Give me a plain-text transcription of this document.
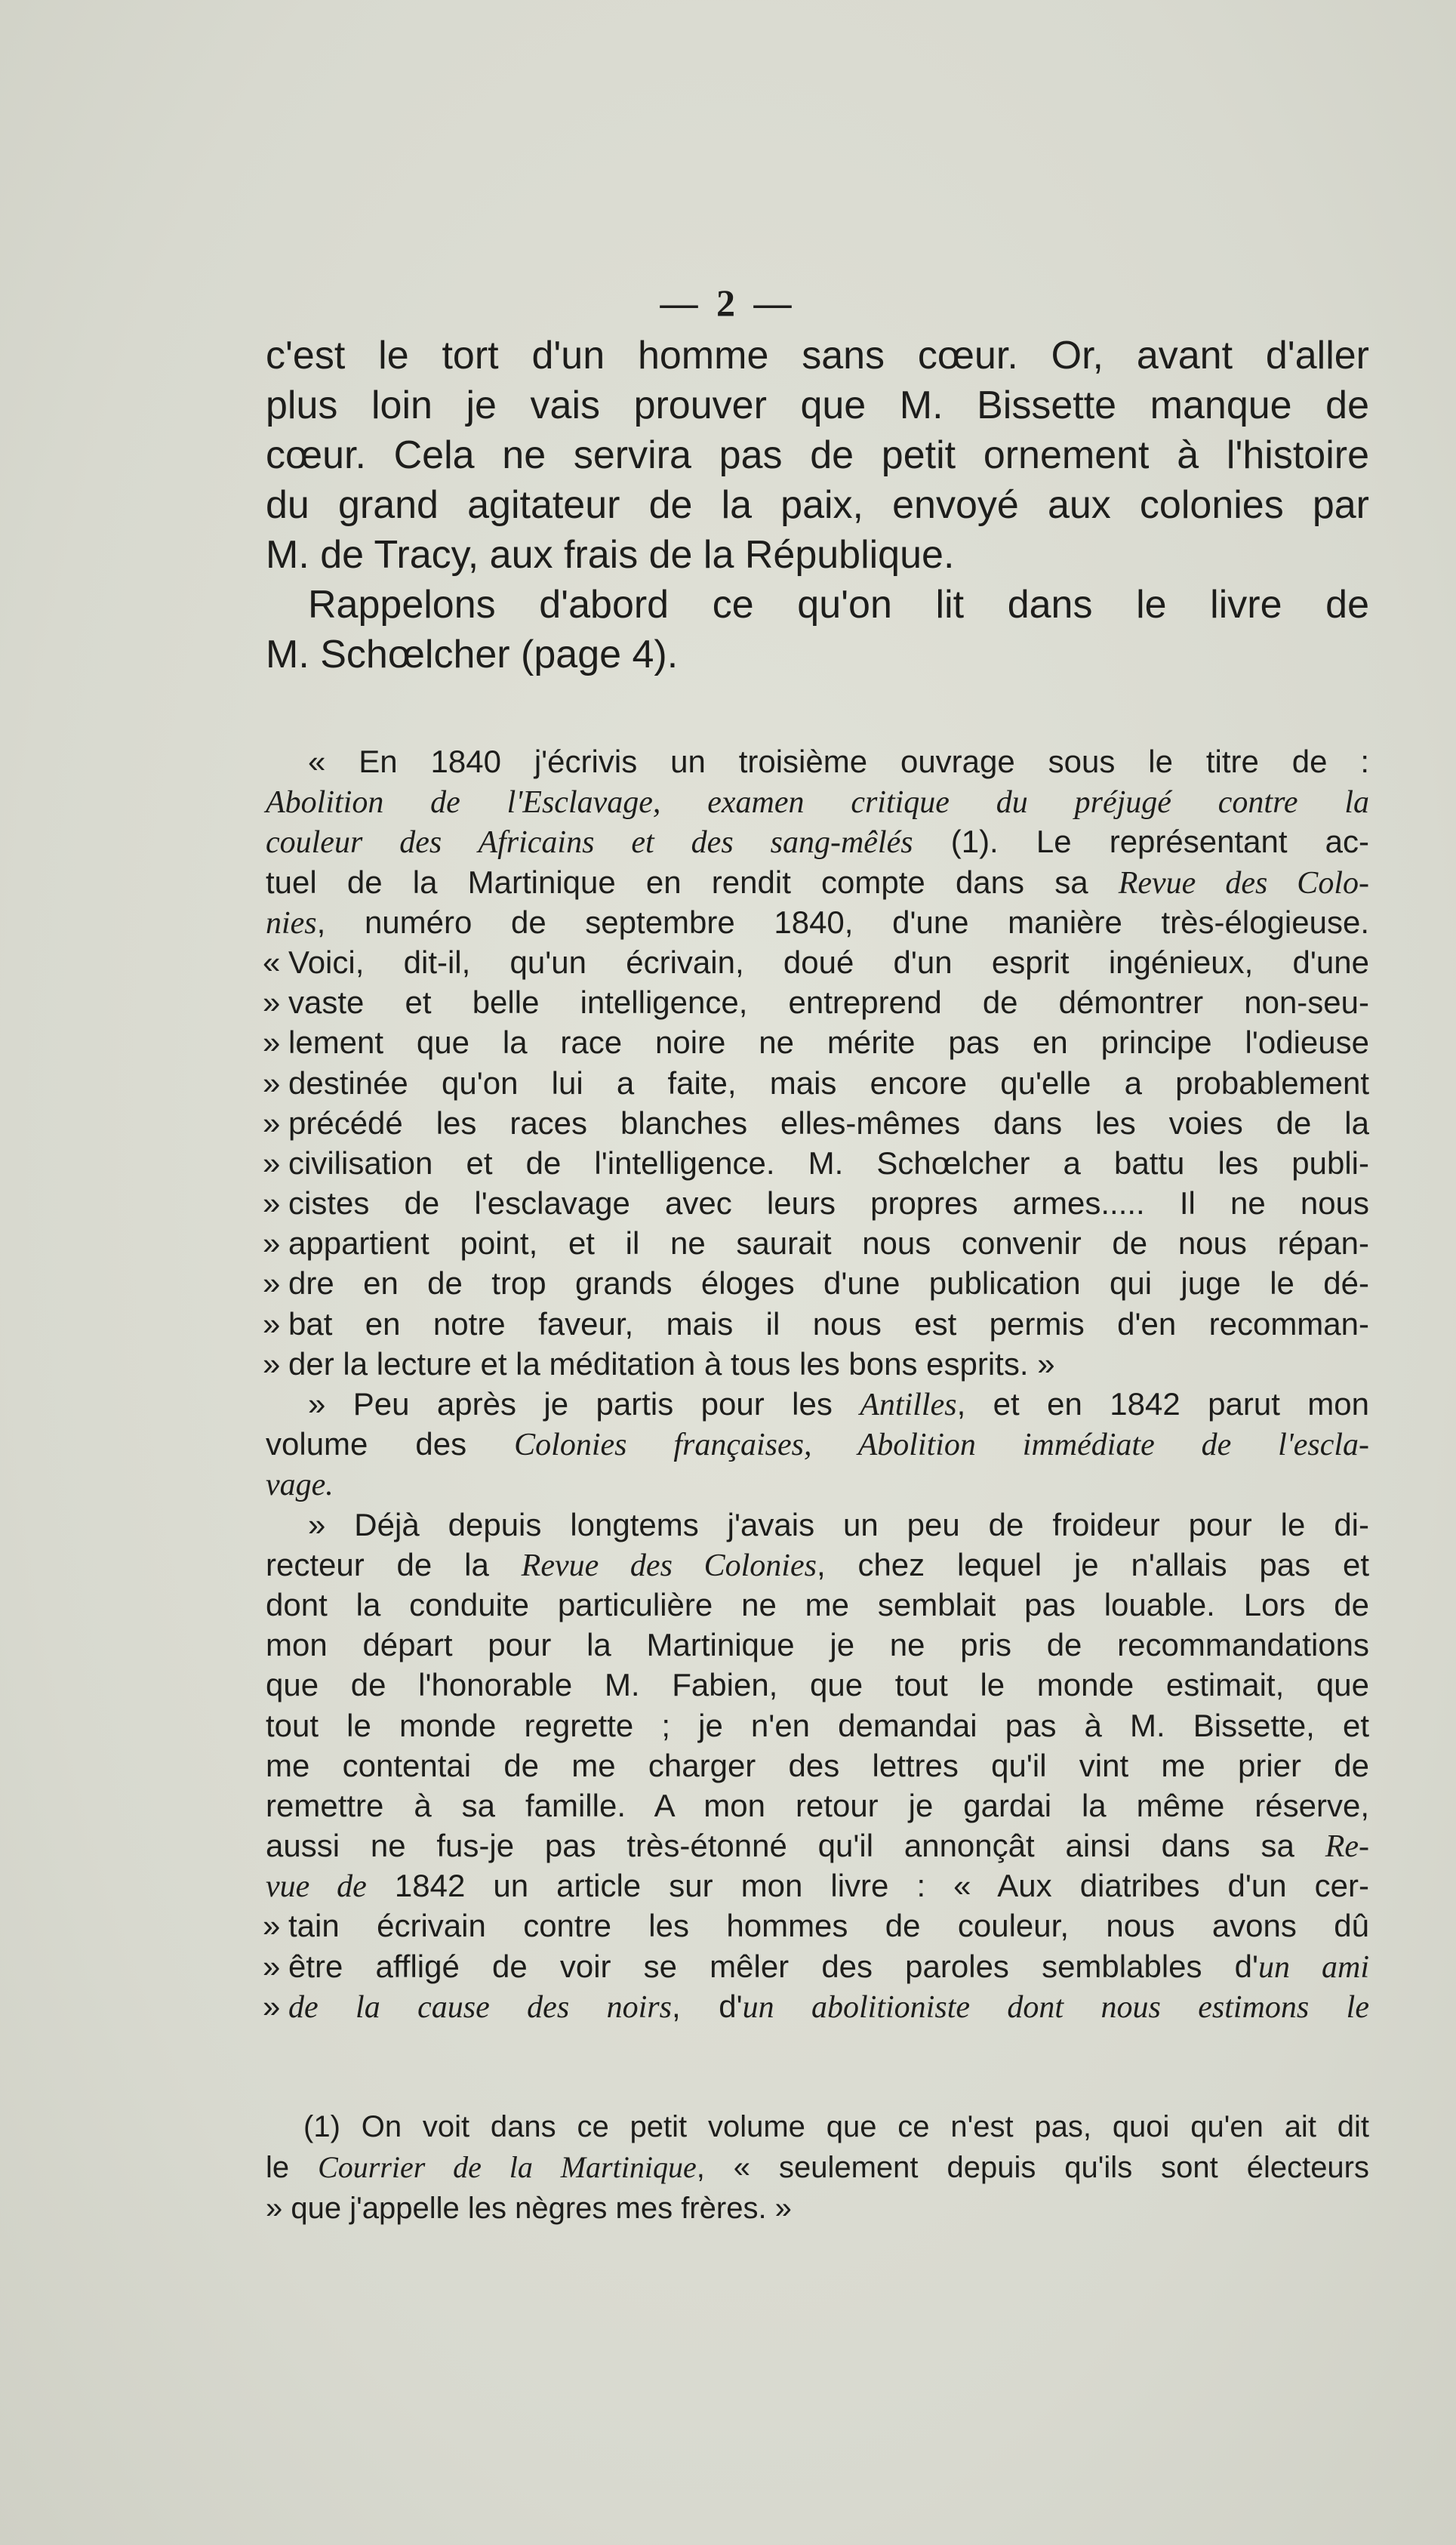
— 2 —
c'est le tort d'un homme sans cœur. Or, avant d'aller
plus loin je vais prouver que M. Bissette manque de
cœur. Cela ne servira pas de petit ornement à l'histoire
du grand agitateur de la paix, envoyé aux colonies par
M. de Tracy, aux frais de la République.
Rappelons d'abord ce qu'on lit dans le livre de
M. Schœlcher (page 4).
« En 1840 j'écrivis un troisième ouvrage sous le titre de :
Abolition de l'Esclavage, examen critique du préjugé contre la
couleur des Africains et des sang-mêlés (1). Le représentant ac-
tuel de la Martinique en rendit compte dans sa Revue des Colo-
nies, numéro de septembre 1840, d'une manière très-élogieuse.
« Voici, dit-il, qu'un écrivain, doué d'un esprit ingénieux, d'une
» vaste et belle intelligence, entreprend de démontrer non-seu-
» lement que la race noire ne mérite pas en principe l'odieuse
» destinée qu'on lui a faite, mais encore qu'elle a probablement
» précédé les races blanches elles-mêmes dans les voies de la
» civilisation et de l'intelligence. M. Schœlcher a battu les publi-
» cistes de l'esclavage avec leurs propres armes..... Il ne nous
» appartient point, et il ne saurait nous convenir de nous répan-
» dre en de trop grands éloges d'une publication qui juge le dé-
» bat en notre faveur, mais il nous est permis d'en recomman-
» der la lecture et la méditation à tous les bons esprits. »
» Peu après je partis pour les Antilles, et en 1842 parut mon
volume des Colonies françaises, Abolition immédiate de l'escla-
vage.
» Déjà depuis longtems j'avais un peu de froideur pour le di-
recteur de la Revue des Colonies, chez lequel je n'allais pas et
dont la conduite particulière ne me semblait pas louable. Lors de
mon départ pour la Martinique je ne pris de recommandations
que de l'honorable M. Fabien, que tout le monde estimait, que
tout le monde regrette ; je n'en demandai pas à M. Bissette, et
me contentai de me charger des lettres qu'il vint me prier de
remettre à sa famille. A mon retour je gardai la même réserve,
aussi ne fus-je pas très-étonné qu'il annonçât ainsi dans sa Re-
vue de 1842 un article sur mon livre : « Aux diatribes d'un cer-
» tain écrivain contre les hommes de couleur, nous avons dû
» être affligé de voir se mêler des paroles semblables d'un ami
» de la cause des noirs, d'un abolitioniste dont nous estimons le
(1) On voit dans ce petit volume que ce n'est pas, quoi qu'en ait dit
le Courrier de la Martinique, « seulement depuis qu'ils sont électeurs
» que j'appelle les nègres mes frères. »
